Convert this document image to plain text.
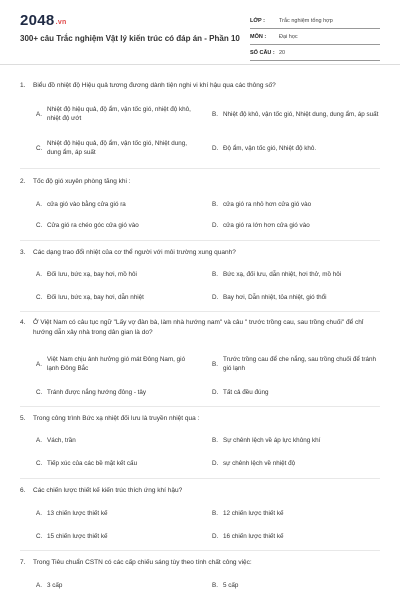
2048.vn
300+ câu Trắc nghiệm Vật lý kiến trúc có đáp án - Phần 10
LỚP :	Trắc nghiệm tổng hợp
MÔN :	Đại học
SỐ CÂU : 20
1.	Biểu đồ nhiệt độ Hiệu quả tương đương dành tiện nghi vi khí hậu qua các thông số?
A.
Nhiệt độ hiệu quả, độ ẩm, vận tốc gió, nhiệt độ khô, nhiệt độ ướt
B. Nhiệt độ khô, vận tốc gió, Nhiệt dung, dung ẩm, áp suất
C.
Nhiệt độ hiệu quả, độ ẩm, vận tốc gió, Nhiệt dung, dung ẩm, áp suất
D. Độ ẩm, vận tốc gió, Nhiệt độ khô.
2.	Tốc độ gió xuyên phòng tăng khi :
A. cửa gió vào bằng cửa gió ra	B. cửa gió ra nhỏ hơn cửa gió vào
C. Cửa gió ra chéo góc cửa gió vào	D. cửa gió ra lớn hơn cửa gió vào
3.	Các dạng trao đổi nhiệt của cơ thể người với môi trường xung quanh?
A. Đối lưu, bức xạ, bay hơi, mồ hôi	B. Bức xạ, đối lưu, dẫn nhiệt, hơi thở, mồ hôi
C. Đối lưu, bức xạ, bay hơi, dẫn nhiệt	D. Bay hơi, Dẫn nhiệt, tỏa nhiệt, gió thổi
4.	Ở Việt Nam có câu tục ngữ "Lấy vợ đàn bà, làm nhà hướng nam" và câu " trước trồng cau, sau trồng chuối" để chỉ hướng dẫn xây nhà trong dân gian là do?
A.
Việt Nam chịu ảnh hưởng gió mát Đông Nam, gió lạnh Đông Bắc
B.
Trước trồng cau để che nắng, sau trồng chuối để tránh gió lạnh
C. Tránh được nắng hướng đông - tây	D. Tất cả đều đúng
5.	Trong công trình Bức xạ nhiệt đối lưu là truyền nhiệt qua :
A. Vách, trần	B. Sự chênh lệch về áp lực không khí
C. Tiếp xúc của các bề mặt kết cấu	D. sự chênh lệch về nhiệt độ
6.	Các chiến lược thiết kế kiến trúc thích ứng khí hậu?
A. 13 chiến lược thiết kế	B. 12 chiến lược thiết kế
C. 15 chiến lược thiết kế	D. 16 chiến lược thiết kế
7.	Trong Tiêu chuẩn CSTN có các cấp chiếu sáng tùy theo tính chất công việc:
A. 3 cấp	B. 5 cấp
